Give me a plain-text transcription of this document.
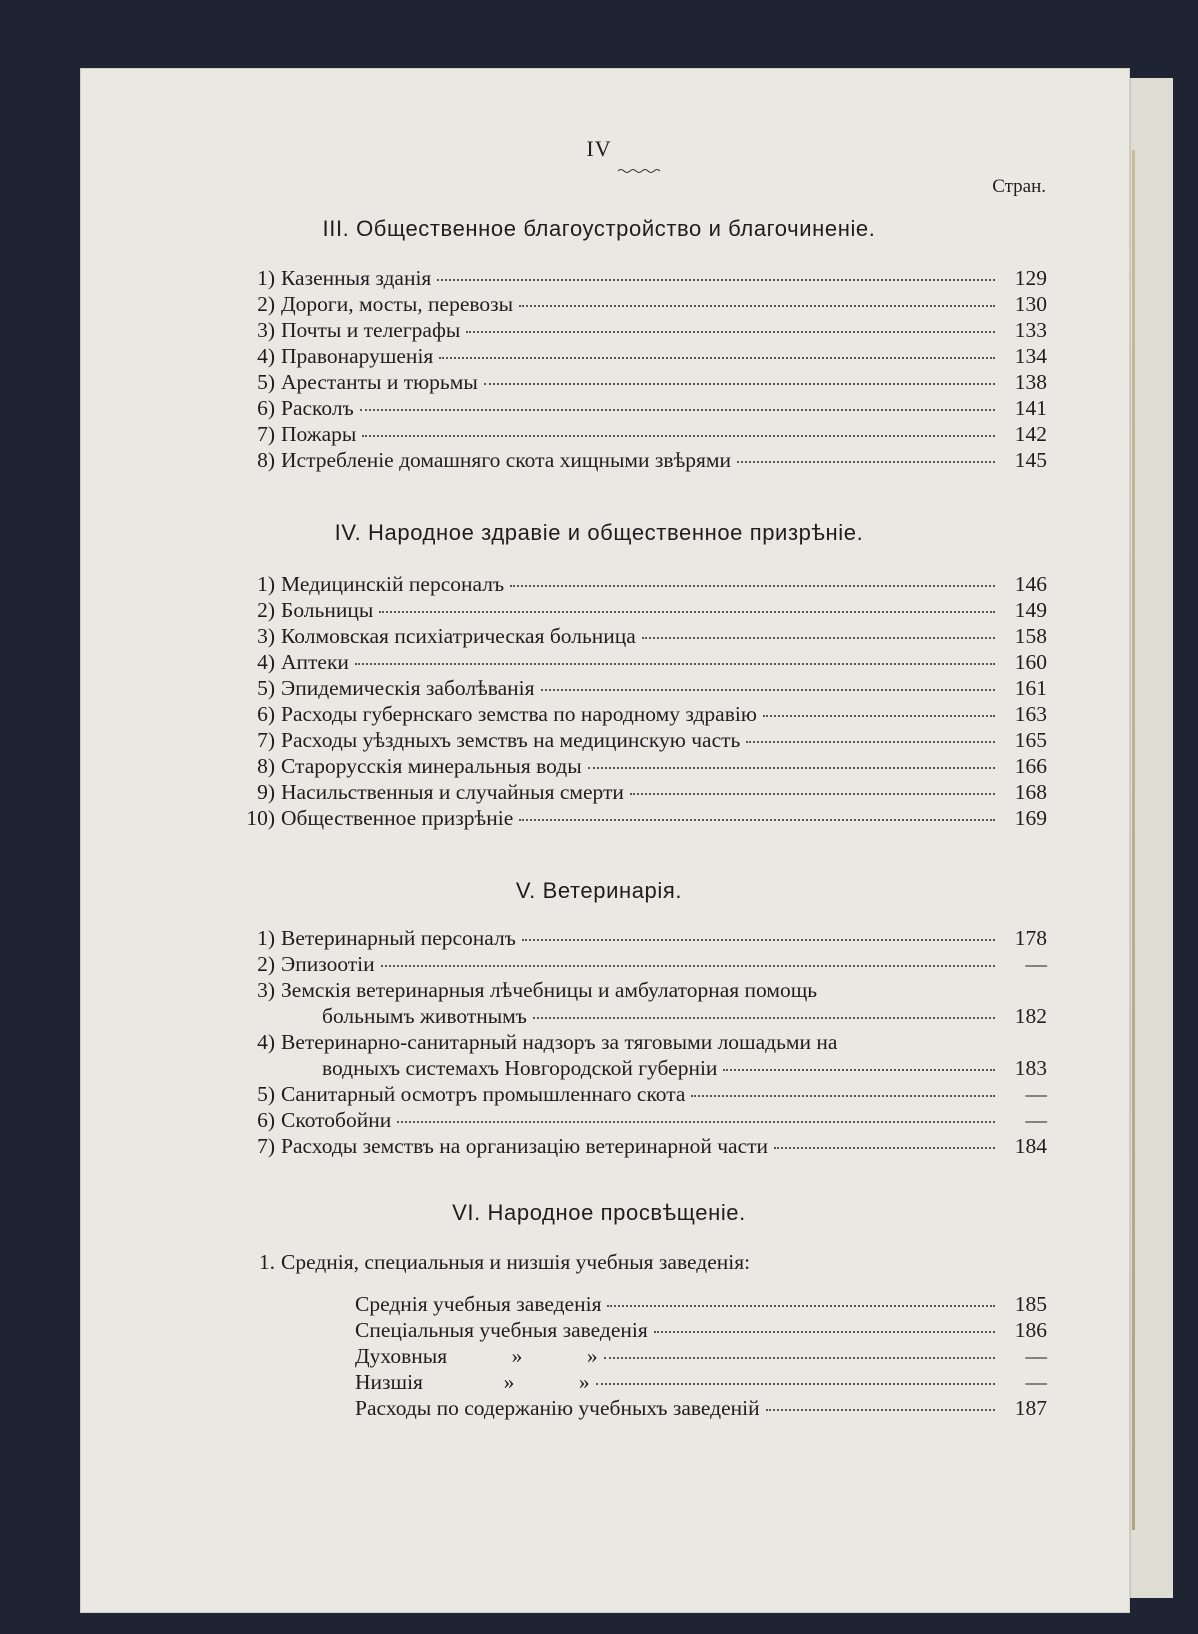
IV
Стран.
III. Общественное благоустройство и благочиненіе.
1) Казенныя зданія	129
2) Дороги, мосты, перевозы	130
3) Почты и телеграфы	133
4) Правонарушенія	134
5) Арестанты и тюрьмы	138
6) Расколъ	141
7) Пожары	142
8) Истребленіе домашняго скота хищными звѣрями	145
IV. Народное здравіе и общественное призрѣніе.
1) Медицинскій персоналъ	146
2) Больницы	149
3) Колмовская психіатрическая больница	158
4) Аптеки	160
5) Эпидемическія заболѣванія	161
6) Расходы губернскаго земства по народному здравію	163
7) Расходы уѣздныхъ земствъ на медицинскую часть	165
8) Старорусскія минеральныя воды	166
9) Насильственныя и случайныя смерти	168
10) Общественное призрѣніе	169
V. Ветеринарія.
1) Ветеринарный персоналъ	178
2) Эпизоотіи	—
3) Земскія ветеринарныя лѣчебницы и амбулаторная помощь
больнымъ животнымъ	182
4) Ветеринарно-санитарный надзоръ за тяговыми лошадьми на
водныхъ системахъ Новгородской губерніи	183
5) Санитарный осмотръ промышленнаго скота	—
6) Скотобойни	—
7) Расходы земствъ на организацію ветеринарной части	184
VI. Народное просвѣщеніе.
1. Среднія, специальныя и низшія учебныя заведенія:
Среднія учебныя заведенія	185
Спеціальныя учебныя заведенія	186
Духовныя            »            »	—
Низшія               »            »	—
Расходы по содержанію учебныхъ заведеній	187
